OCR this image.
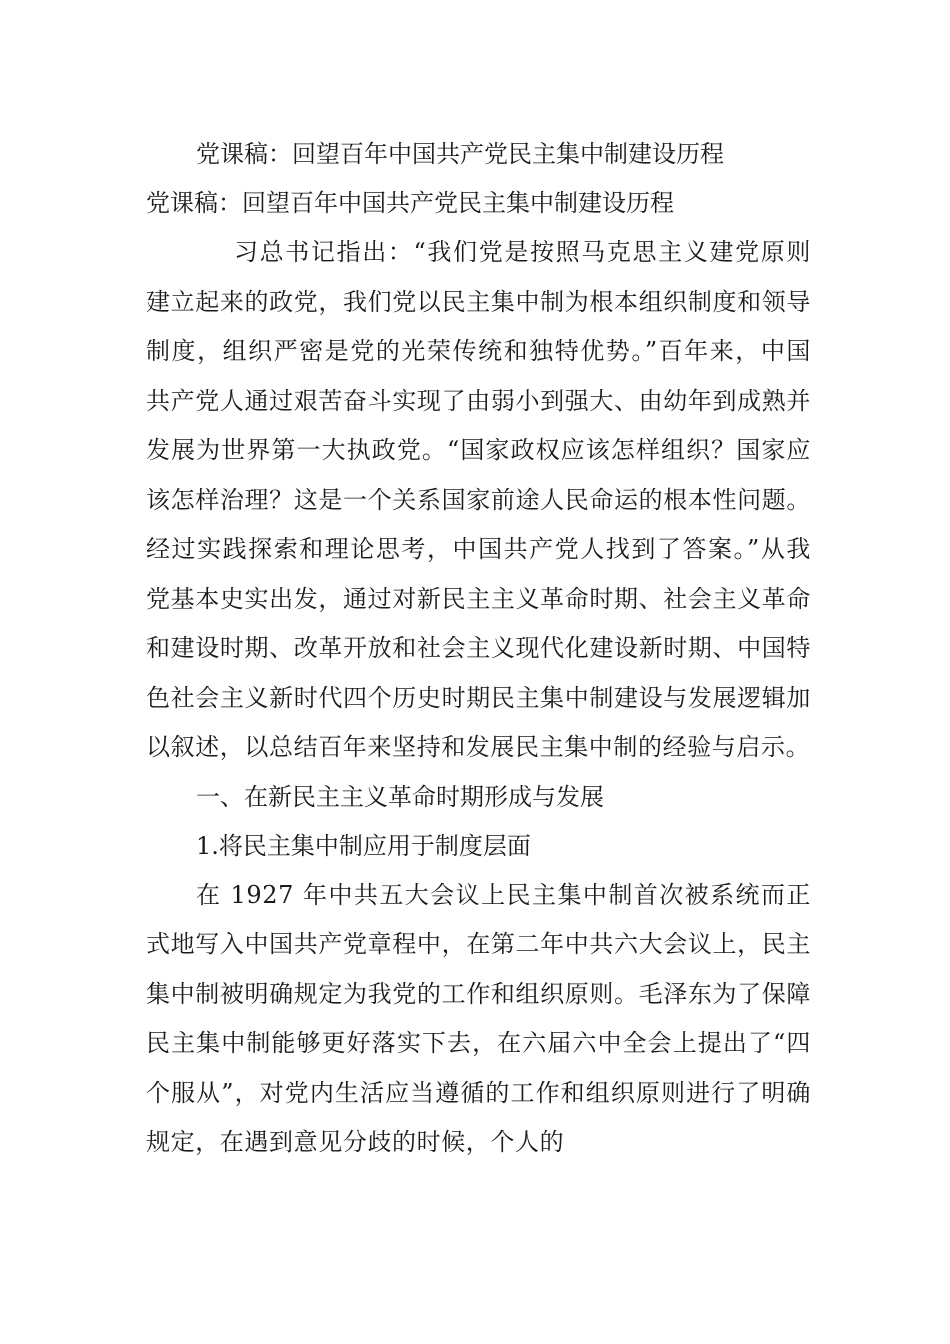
党课稿：回望百年中国共产党民主集中制建设历程
党课稿：回望百年中国共产党民主集中制建设历程

习总书记指出：“我们党是按照马克思主义建党原则建立起来的政党，我们党以民主集中制为根本组织制度和领导制度，组织严密是党的光荣传统和独特优势。”百年来，中国共产党人通过艰苦奋斗实现了由弱小到强大、由幼年到成熟并发展为世界第一大执政党。“国家政权应该怎样组织？国家应该怎样治理？这是一个关系国家前途人民命运的根本性问题。经过实践探索和理论思考，中国共产党人找到了答案。”从我党基本史实出发，通过对新民主主义革命时期、社会主义革命和建设时期、改革开放和社会主义现代化建设新时期、中国特色社会主义新时代四个历史时期民主集中制建设与发展逻辑加以叙述，以总结百年来坚持和发展民主集中制的经验与启示。

一、在新民主主义革命时期形成与发展
1.将民主集中制应用于制度层面

在 1927 年中共五大会议上民主集中制首次被系统而正式地写入中国共产党章程中，在第二年中共六大会议上，民主集中制被明确规定为我党的工作和组织原则。毛泽东为了保障民主集中制能够更好落实下去，在六届六中全会上提出了“四个服从”，对党内生活应当遵循的工作和组织原则进行了明确规定，在遇到意见分歧的时候，个人的
